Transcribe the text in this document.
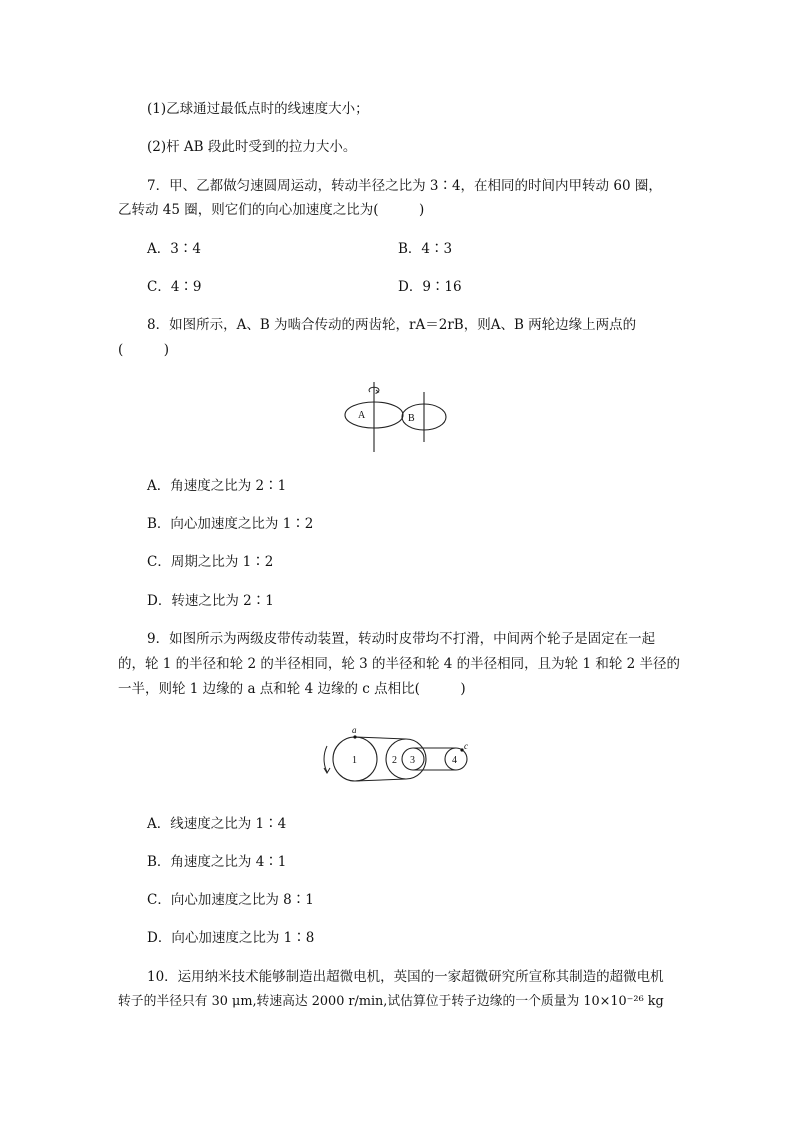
(1)乙球通过最低点时的线速度大小；
(2)杆 AB 段此时受到的拉力大小。
7．甲、乙都做匀速圆周运动，转动半径之比为 3∶4，在相同的时间内甲转动 60 圈，
乙转动 45 圈，则它们的向心加速度之比为(　　　)
A．3∶4	B．4∶3
C．4∶9	D．9∶16
8．如图所示，A、B 为啮合传动的两齿轮，rA＝2rB，则A、B 两轮边缘上两点的
(　　　)
A	B
A．角速度之比为 2∶1
B．向心加速度之比为 1∶2
C．周期之比为 1∶2
D．转速之比为 2∶1
9．如图所示为两级皮带传动装置，转动时皮带均不打滑，中间两个轮子是固定在一起
的，轮 1 的半径和轮 2 的半径相同，轮 3 的半径和轮 4 的半径相同，且为轮 1 和轮 2 半径的
一半，则轮 1 边缘的 a 点和轮 4 边缘的 c 点相比(　　　)
a
c
1	2 3	4
A．线速度之比为 1∶4
B．角速度之比为 4∶1
C．向心加速度之比为 8∶1
D．向心加速度之比为 1∶8
10．运用纳米技术能够制造出超微电机，英国的一家超微研究所宣称其制造的超微电机
转子的半径只有 30 μm,转速高达 2000 r/min,试估算位于转子边缘的一个质量为 10×10⁻²⁶ kg
